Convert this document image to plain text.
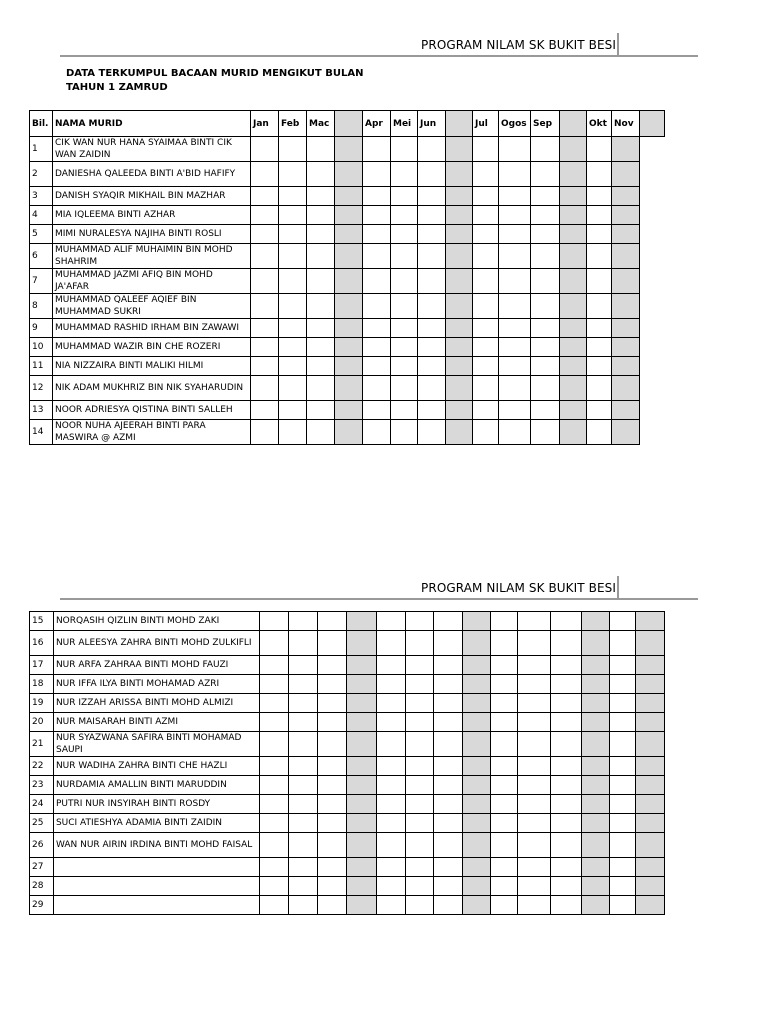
PROGRAM NILAM SK BUKIT BESI
DATA TERKUMPUL BACAAN MURID MENGIKUT BULAN
TAHUN 1 ZAMRUD
Bil.	NAMA MURID	Jan	Feb	Mac		Apr	Mei	Jun		Jul	Ogos	Sep		Okt	Nov	
1	CIK WAN NUR HANA SYAIMAA BINTI CIK WAN ZAIDIN															
2	DANIESHA QALEEDA BINTI A'BID HAFIFY															
3	DANISH SYAQIR MIKHAIL BIN MAZHAR															
4	MIA IQLEEMA BINTI AZHAR															
5	MIMI NURALESYA NAJIHA BINTI ROSLI															
6	MUHAMMAD ALIF MUHAIMIN BIN MOHD SHAHRIM															
7	MUHAMMAD JAZMI AFIQ BIN MOHD JA'AFAR															
8	MUHAMMAD QALEEF AQIEF BIN MUHAMMAD SUKRI															
9	MUHAMMAD RASHID IRHAM BIN ZAWAWI															
10	MUHAMMAD WAZIR BIN CHE ROZERI															
11	NIA NIZZAIRA BINTI MALIKI HILMI															
12	NIK ADAM MUKHRIZ BIN NIK SYAHARUDIN															
13	NOOR ADRIESYA QISTINA BINTI SALLEH															
14	NOOR NUHA AJEERAH BINTI PARA MASWIRA @ AZMI															
PROGRAM NILAM SK BUKIT BESI
15	NORQASIH QIZLIN BINTI MOHD ZAKI														
16	NUR ALEESYA ZAHRA BINTI MOHD ZULKIFLI														
17	NUR ARFA ZAHRAA BINTI MOHD FAUZI														
18	NUR IFFA ILYA BINTI MOHAMAD AZRI														
19	NUR IZZAH ARISSA BINTI MOHD ALMIZI														
20	NUR MAISARAH BINTI AZMI														
21	NUR SYAZWANA SAFIRA BINTI MOHAMAD SAUPI														
22	NUR WADIHA ZAHRA BINTI CHE HAZLI														
23	NURDAMIA AMALLIN BINTI MARUDDIN														
24	PUTRI NUR INSYIRAH BINTI ROSDY														
25	SUCI ATIESHYA ADAMIA BINTI ZAIDIN														
26	WAN NUR AIRIN IRDINA BINTI MOHD FAISAL														
27															
28															
29															
